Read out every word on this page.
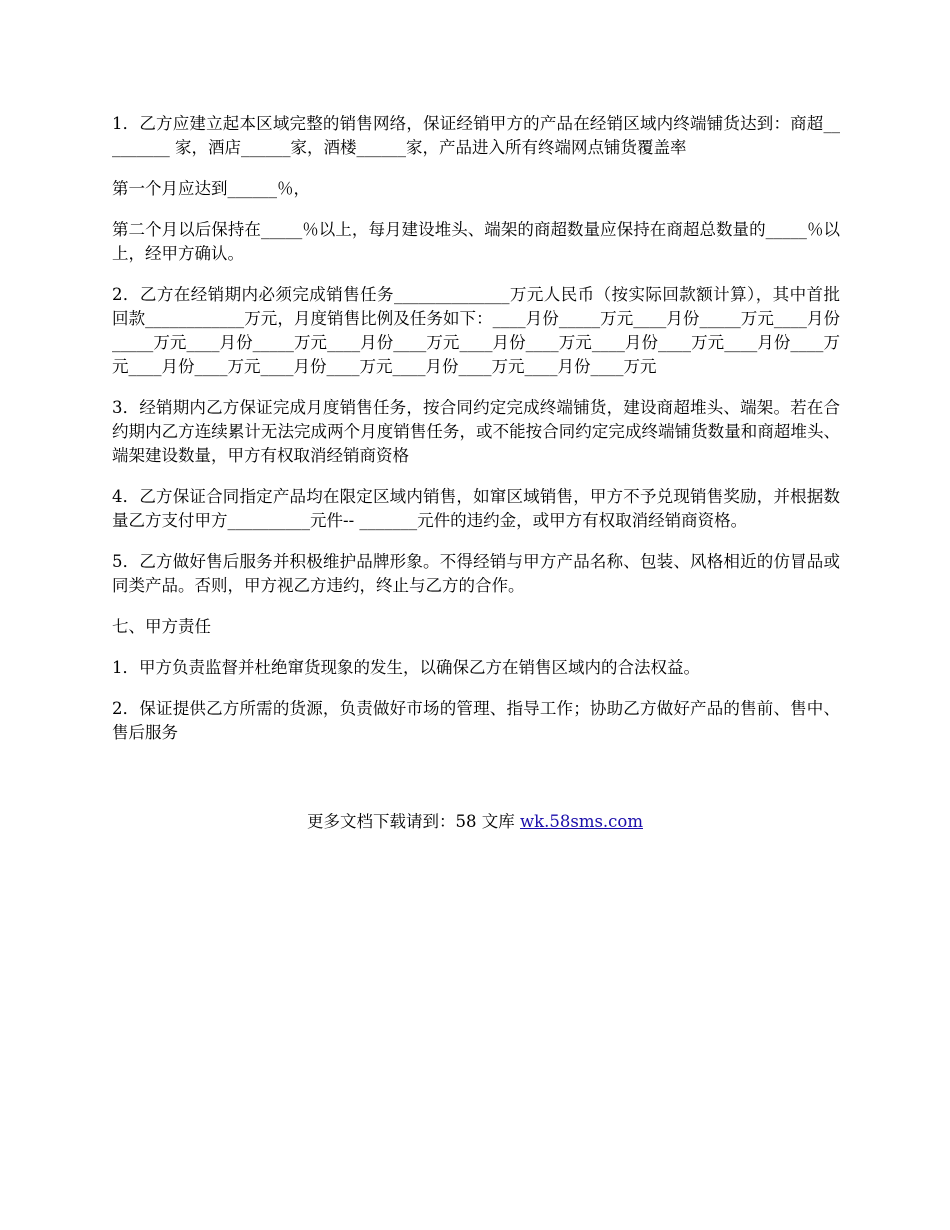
1．乙方应建立起本区域完整的销售网络，保证经销甲方的产品在经销区域内终端铺货达到：商超_________ 家，酒店______家，酒楼______家，产品进入所有终端网点铺货覆盖率

第一个月应达到______％，

第二个月以后保持在_____％以上，每月建设堆头、端架的商超数量应保持在商超总数量的_____％以上，经甲方确认。

2．乙方在经销期内必须完成销售任务______________万元人民币（按实际回款额计算），其中首批回款____________万元，月度销售比例及任务如下：____月份_____万元____月份_____万元____月份_____万元____月份_____万元____月份____万元____月份____万元____月份____万元____月份____万元____月份____万元____月份____万元____月份____万元____月份____万元

3．经销期内乙方保证完成月度销售任务，按合同约定完成终端铺货，建设商超堆头、端架。若在合约期内乙方连续累计无法完成两个月度销售任务，或不能按合同约定完成终端铺货数量和商超堆头、端架建设数量，甲方有权取消经销商资格

4．乙方保证合同指定产品均在限定区域内销售，如窜区域销售，甲方不予兑现销售奖励，并根据数量乙方支付甲方__________元件-- _______元件的违约金，或甲方有权取消经销商资格。

5．乙方做好售后服务并积极维护品牌形象。不得经销与甲方产品名称、包装、风格相近的仿冒品或同类产品。否则，甲方视乙方违约，终止与乙方的合作。

七、甲方责任

1．甲方负责监督并杜绝窜货现象的发生，以确保乙方在销售区域内的合法权益。

2．保证提供乙方所需的货源，负责做好市场的管理、指导工作；协助乙方做好产品的售前、售中、售后服务

更多文档下载请到：58 文库 wk.58sms.com
